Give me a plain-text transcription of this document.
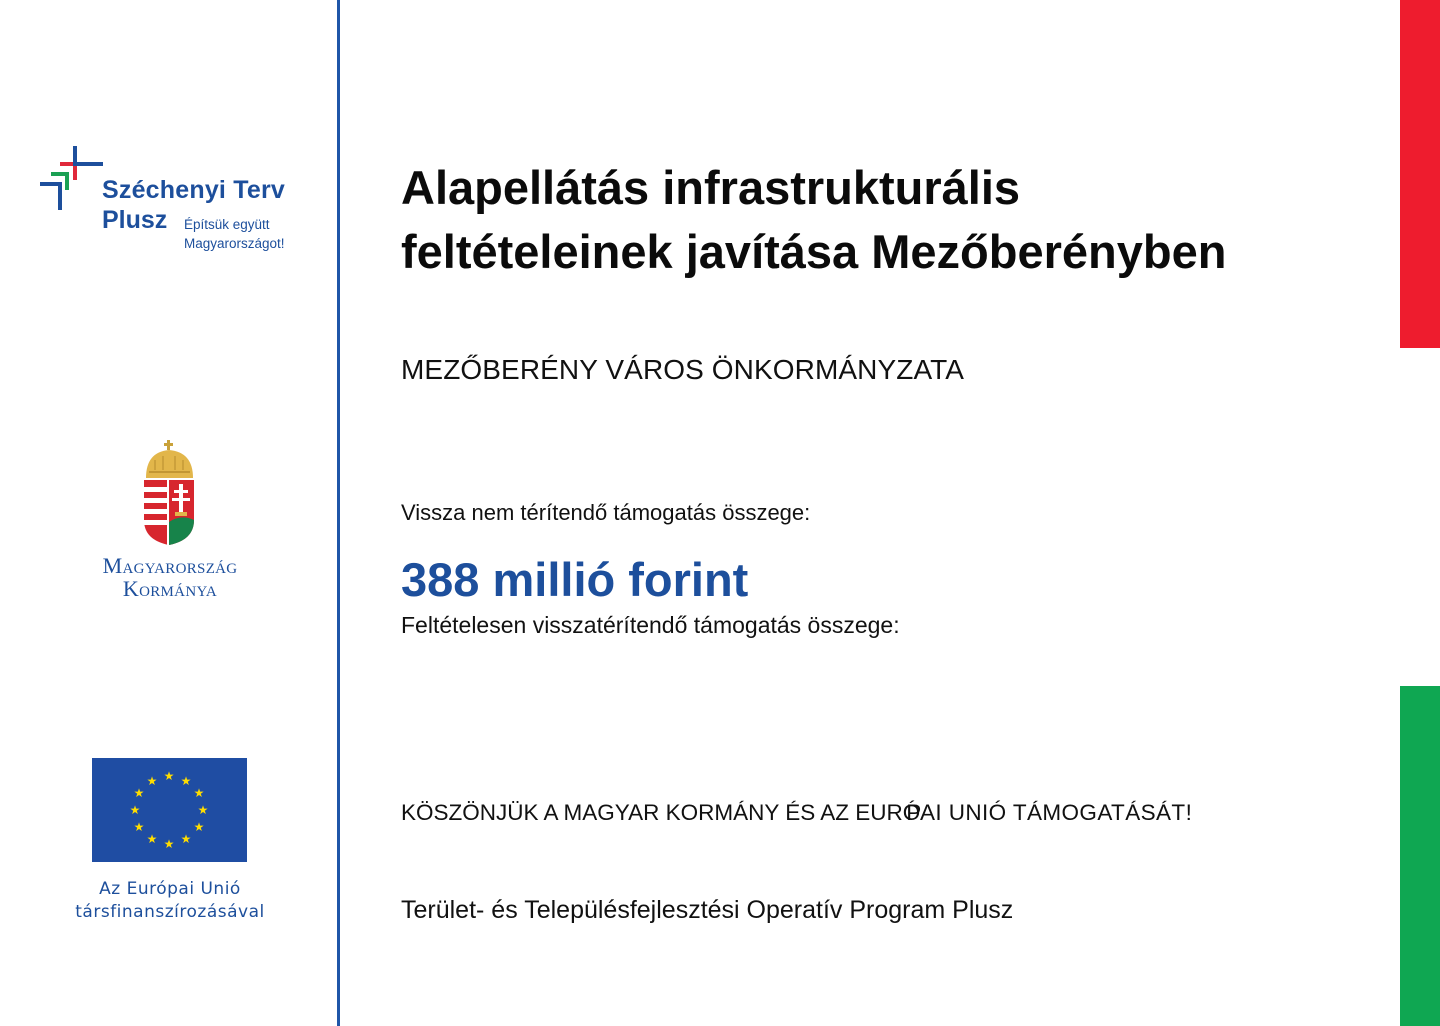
Széchenyi Terv
Plusz Építsük együtt
Magyarországot!
Magyarország
Kormánya
★ ★
★
★
★
★
★
★
★
★
★
★
Az Európai Unió
társfinanszírozásával
Alapellátás infrastrukturális
feltételeinek javítása Mezőberényben
MEZŐBERÉNY VÁROS ÖNKORMÁNYZATA
Vissza nem térítendő támogatás összege:
388 millió forint
Feltételesen visszatérítendő támogatás összege:
KÖSZÖNJÜK A MAGYAR KORMÁNY ÉS AZ EURÓPAI UNIÓ TÁMOGATÁSÁT!
Terület- és Településfejlesztési Operatív Program Plusz
